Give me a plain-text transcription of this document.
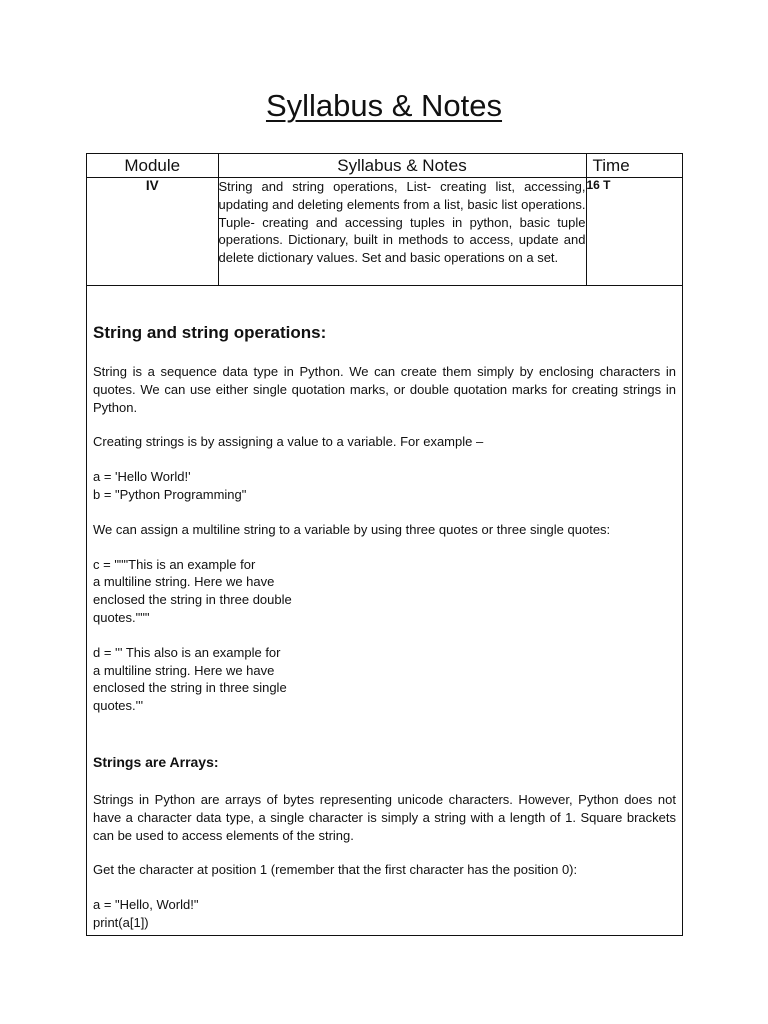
Syllabus & Notes
Module	Syllabus & Notes	Time
IV	String and string operations, List- creating list, accessing, updating and deleting elements from a list, basic list operations. Tuple- creating and accessing tuples in python, basic tuple operations. Dictionary, built in methods to access, update and delete dictionary values. Set and basic operations on a set.	16 T
String and string operations:
String is a sequence data type in Python. We can create them simply by enclosing characters in quotes. We can use either single quotation marks, or double quotation marks for creating strings in Python.
Creating strings is by assigning a value to a variable. For example –
a = 'Hello World!'
b = "Python Programming"
We can assign a multiline string to a variable by using three quotes or three single quotes:
c = """This is an example for
a multiline string. Here we have
enclosed the string in three double
quotes."""
d = ''' This also is an example for
a multiline string. Here we have
enclosed the string in three single
quotes.'''
Strings are Arrays:
Strings in Python are arrays of bytes representing unicode characters. However, Python does not have a character data type, a single character is simply a string with a length of 1. Square brackets can be used to access elements of the string.
Get the character at position 1 (remember that the first character has the position 0):
a = "Hello, World!"
print(a[1])
